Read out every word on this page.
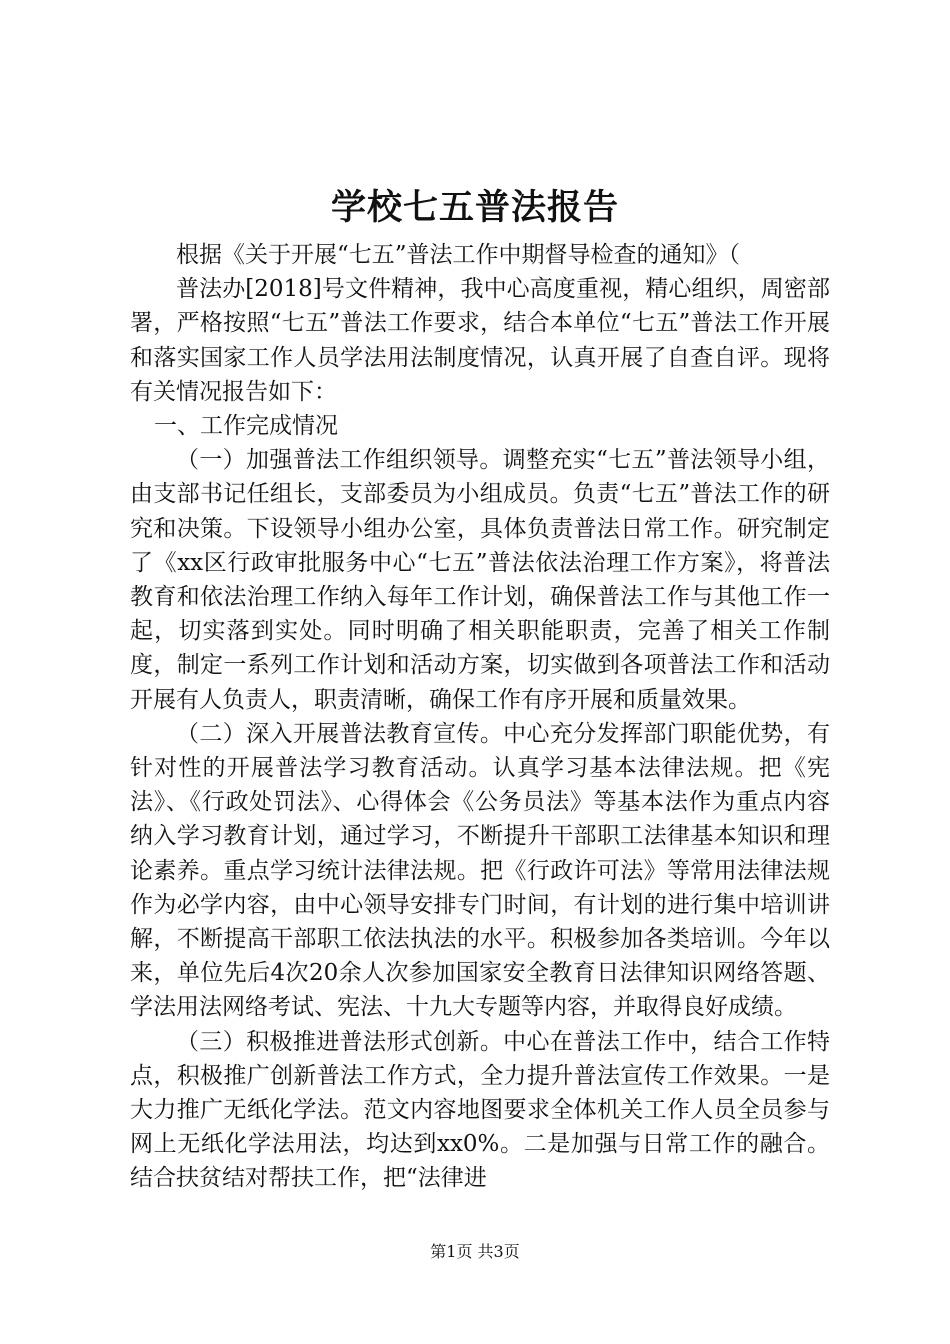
学校七五普法报告

根据《关于开展“七五”普法工作中期督导检查的通知》（

普法办[2018]号文件精神，我中心高度重视，精心组织，周密部署，严格按照“七五”普法工作要求，结合本单位“七五”普法工作开展和落实国家工作人员学法用法制度情况，认真开展了自查自评。现将有关情况报告如下：

一、工作完成情况

（一）加强普法工作组织领导。调整充实“七五”普法领导小组，由支部书记任组长，支部委员为小组成员。负责“七五”普法工作的研究和决策。下设领导小组办公室，具体负责普法日常工作。研究制定了《xx区行政审批服务中心“七五”普法依法治理工作方案》，将普法教育和依法治理工作纳入每年工作计划，确保普法工作与其他工作一起，切实落到实处。同时明确了相关职能职责，完善了相关工作制度，制定一系列工作计划和活动方案，切实做到各项普法工作和活动开展有人负责人，职责清晰，确保工作有序开展和质量效果。

（二）深入开展普法教育宣传。中心充分发挥部门职能优势，有针对性的开展普法学习教育活动。认真学习基本法律法规。把《宪法》、《行政处罚法》、心得体会《公务员法》等基本法作为重点内容纳入学习教育计划，通过学习，不断提升干部职工法律基本知识和理论素养。重点学习统计法律法规。把《行政许可法》等常用法律法规作为必学内容，由中心领导安排专门时间，有计划的进行集中培训讲解，不断提高干部职工依法执法的水平。积极参加各类培训。今年以来，单位先后4次20余人次参加国家安全教育日法律知识网络答题、学法用法网络考试、宪法、十九大专题等内容，并取得良好成绩。

（三）积极推进普法形式创新。中心在普法工作中，结合工作特点，积极推广创新普法工作方式，全力提升普法宣传工作效果。一是大力推广无纸化学法。范文内容地图要求全体机关工作人员全员参与网上无纸化学法用法，均达到xx0%。二是加强与日常工作的融合。结合扶贫结对帮扶工作，把“法律进

第1页 共3页
